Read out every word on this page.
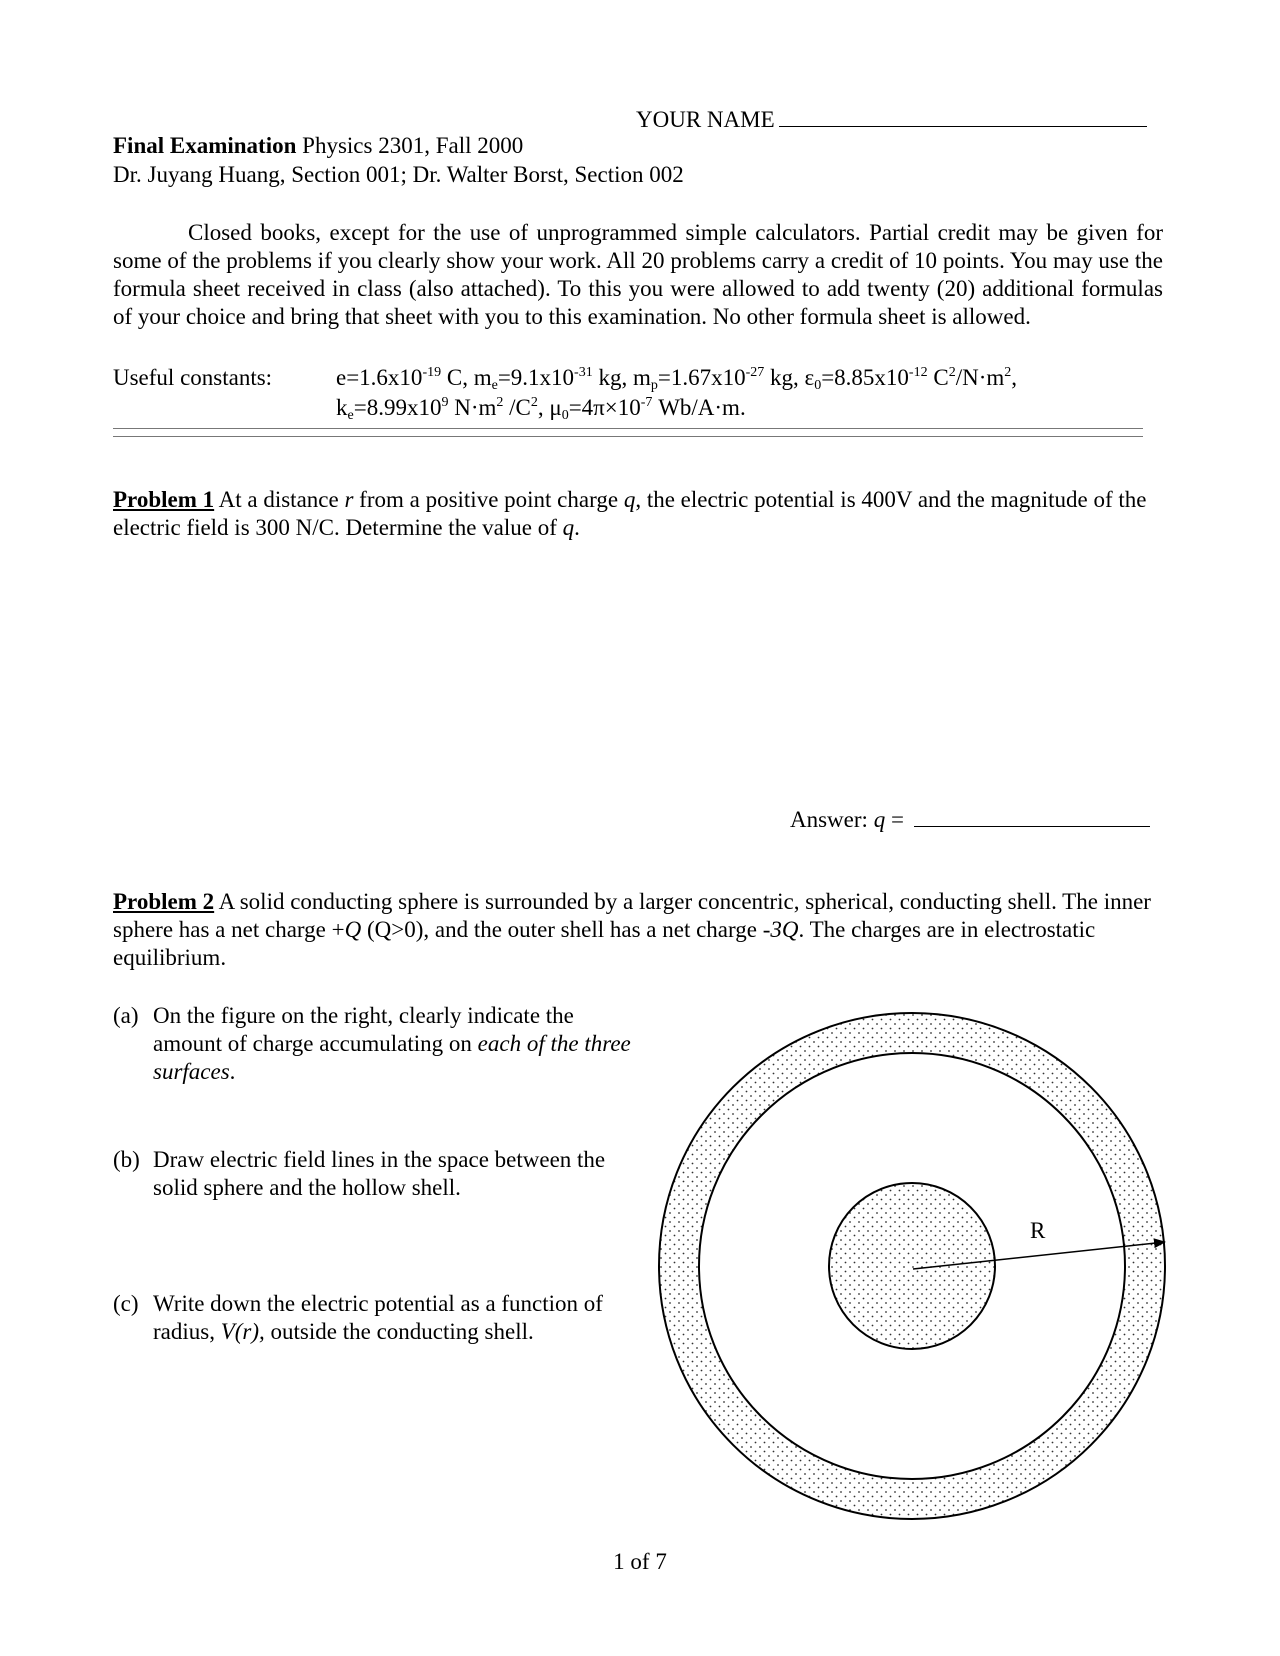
YOUR NAME
Final Examination Physics 2301, Fall 2000
Dr. Juyang Huang, Section 001; Dr. Walter Borst, Section 002
Closed books, except for the use of unprogrammed simple calculators. Partial credit may be given for some of the problems if you clearly show your work. All 20 problems carry a credit of 10 points. You may use the formula sheet received in class (also attached). To this you were allowed to add twenty (20) additional formulas of your choice and bring that sheet with you to this examination. No other formula sheet is allowed.
Useful constants:	$e=1.6x10^{-19}$ C, $m_e=9.1x10^{-31}$ kg, $m_p=1.67x10^{-27}$ kg, $\varepsilon_0=8.85x10^{-12}$ $C^2/N\cdot m^2$,
$k_e=8.99x10^9$ $N\cdot m^2$ $/C^2$, $\mu_0=4\pi\times 10^{-7}$ Wb/A·m.
Problem 1 At a distance r from a positive point charge q, the electric potential is 400V and the magnitude of the electric field is 300 N/C. Determine the value of q.
Answer: q =
Problem 2 A solid conducting sphere is surrounded by a larger concentric, spherical, conducting shell. The inner sphere has a net charge +Q (Q>0), and the outer shell has a net charge -3Q. The charges are in electrostatic equilibrium.
(a) On the figure on the right, clearly indicate the amount of charge accumulating on each of the three surfaces.
(b) Draw electric field lines in the space between the solid sphere and the hollow shell.
(c) Write down the electric potential as a function of radius, V(r), outside the conducting shell.
R
1 of 7
